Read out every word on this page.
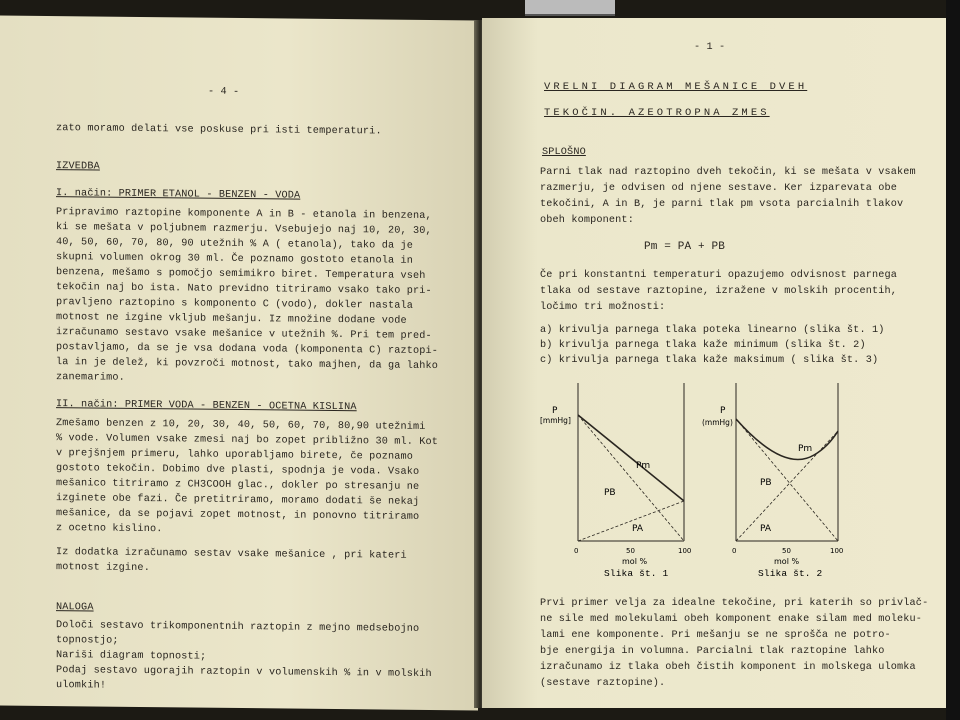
- 4 -
zato moramo delati vse poskuse pri isti temperaturi.
IZVEDBA
I. način: PRIMER ETANOL - BENZEN - VODA
Pripravimo raztopine komponente A in B - etanola in benzena,
ki se mešata v poljubnem razmerju. Vsebujejo naj 10, 20, 30,
40, 50, 60, 70, 80, 90 utežnih % A ( etanola), tako da je
skupni volumen okrog 30 ml. Če poznamo gostoto etanola in
benzena, mešamo s pomočjo semimikro biret. Temperatura vseh
tekočin naj bo ista. Nato previdno titriramo vsako tako pri-
pravljeno raztopino s komponento C (vodo), dokler nastala
motnost ne izgine vkljub mešanju. Iz množine dodane vode
izračunamo sestavo vsake mešanice v utežnih %. Pri tem pred-
postavljamo, da se je vsa dodana voda (komponenta C) raztopi-
la in je delež, ki povzroči motnost, tako majhen, da ga lahko
zanemarimo.
II. način: PRIMER VODA - BENZEN - OCETNA KISLINA
Zmešamo benzen z 10, 20, 30, 40, 50, 60, 70, 80,90 utežnimi
% vode. Volumen vsake zmesi naj bo zopet približno 30 ml. Kot
v prejšnjem primeru, lahko uporabljamo birete, če poznamo
gostoto tekočin. Dobimo dve plasti, spodnja je voda. Vsako
mešanico titriramo z CH3COOH glac., dokler po stresanju ne
izginete obe fazi. Če pretitriramo, moramo dodati še nekaj
mešanice, da se pojavi zopet motnost, in ponovno titriramo
z ocetno kislino.
Iz dodatka izračunamo sestav vsake mešanice , pri kateri
motnost izgine.
NALOGA
Določi sestavo trikomponentnih raztopin z mejno medsebojno
topnostjo;
Nariši diagram topnosti;
Podaj sestavo ugorajih raztopin v volumenskih % in v molskih
ulomkih!
- 1 -
VRELNI DIAGRAM MEŠANICE DVEH
TEKOČIN. AZEOTROPNA ZMES
SPLOŠNO
Parni tlak nad raztopino dveh tekočin, ki se mešata v vsakem
razmerju, je odvisen od njene sestave. Ker izparevata obe
tekočini, A in B, je parni tlak pm vsota parcialnih tlakov
obeh komponent:
Pm = PA + PB
Če pri konstantni temperaturi opazujemo odvisnost parnega
tlaka od sestave raztopine, izražene v molskih procentih,
ločimo tri možnosti:
a) krivulja parnega tlaka poteka linearno (slika št. 1)
b) krivulja parnega tlaka kaže minimum (slika št. 2)
c) krivulja parnega tlaka kaže maksimum ( slika št. 3)
P
[mmHg]
Pm
PB
PA
0	50	100
mol %
Slika št. 1
P
(mmHg)
Pm
PB
PA
0	50	100
mol %
Slika št. 2
Prvi primer velja za idealne tekočine, pri katerih so privlač-
ne sile med molekulami obeh komponent enake silam med moleku-
lami ene komponente. Pri mešanju se ne sprošča ne potro-
bje energija in volumna. Parcialni tlak raztopine lahko
izračunamo iz tlaka obeh čistih komponent in molskega ulomka
(sestave raztopine).
